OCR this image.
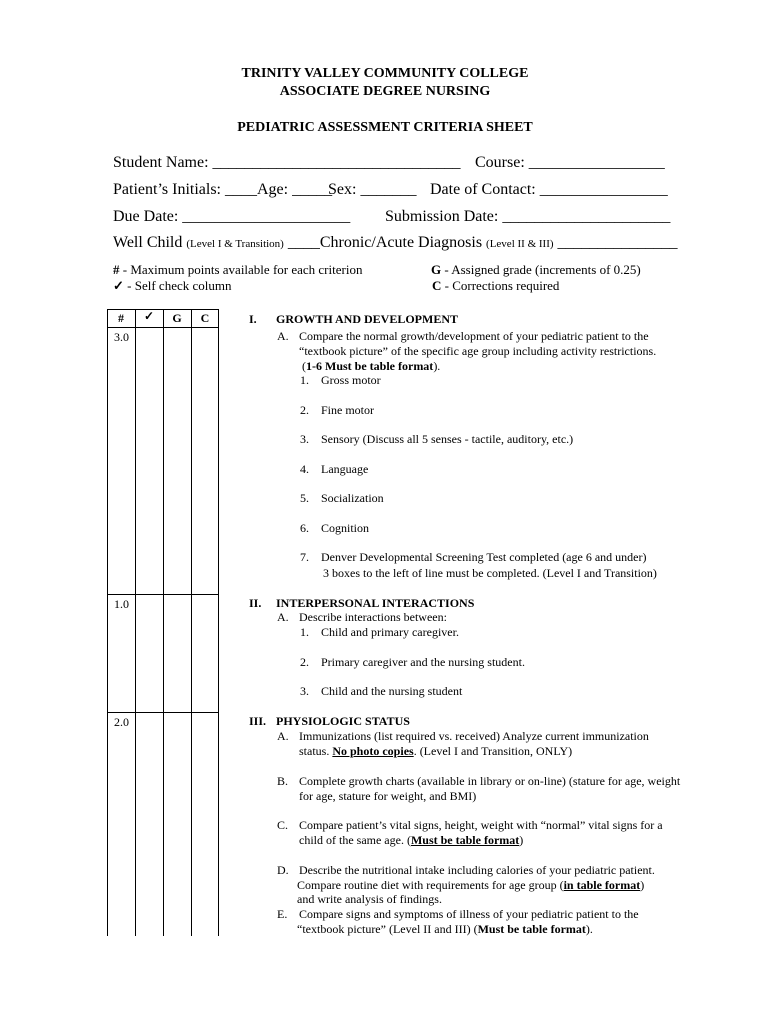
TRINITY VALLEY COMMUNITY COLLEGE
ASSOCIATE DEGREE NURSING
PEDIATRIC ASSESSMENT CRITERIA SHEET
Student Name: _______________________________ Course: _________________
Patient’s Initials: ____Age: _____
Sex: _______ Date of Contact: ________________
Due Date: _____________________ Submission Date: _____________________
Well Child (Level I & Transition) ____Chronic/Acute Diagnosis (Level II & III) _______________
# - Maximum points available for each criterion
✓ - Self check column
G - Assigned grade (increments of 0.25)
C - Corrections required
#	✓	G	C
3.0
1.0
2.0
I. GROWTH AND DEVELOPMENT
A. Compare the normal growth/development of your pediatric patient to the
“textbook picture” of the specific age group including activity restrictions.
(1-6 Must be table format).
1. Gross motor
2. Fine motor
3. Sensory (Discuss all 5 senses - tactile, auditory, etc.)
4. Language
5. Socialization
6. Cognition
7. Denver Developmental Screening Test completed (age 6 and under)
3 boxes to the left of line must be completed. (Level I and Transition)
II. INTERPERSONAL INTERACTIONS
A. Describe interactions between:
1. Child and primary caregiver.
2. Primary caregiver and the nursing student.
3. Child and the nursing student
III. PHYSIOLOGIC STATUS
A. Immunizations (list required vs. received) Analyze current immunization
status. No photo copies. (Level I and Transition, ONLY)
B. Complete growth charts (available in library or on-line) (stature for age, weight
for age, stature for weight, and BMI)
C. Compare patient’s vital signs, height, weight with “normal” vital signs for a
child of the same age. (Must be table format)
D. Describe the nutritional intake including calories of your pediatric patient.
Compare routine diet with requirements for age group (in table format)
and write analysis of findings.
E. Compare signs and symptoms of illness of your pediatric patient to the
“textbook picture” (Level II and III) (Must be table format).
